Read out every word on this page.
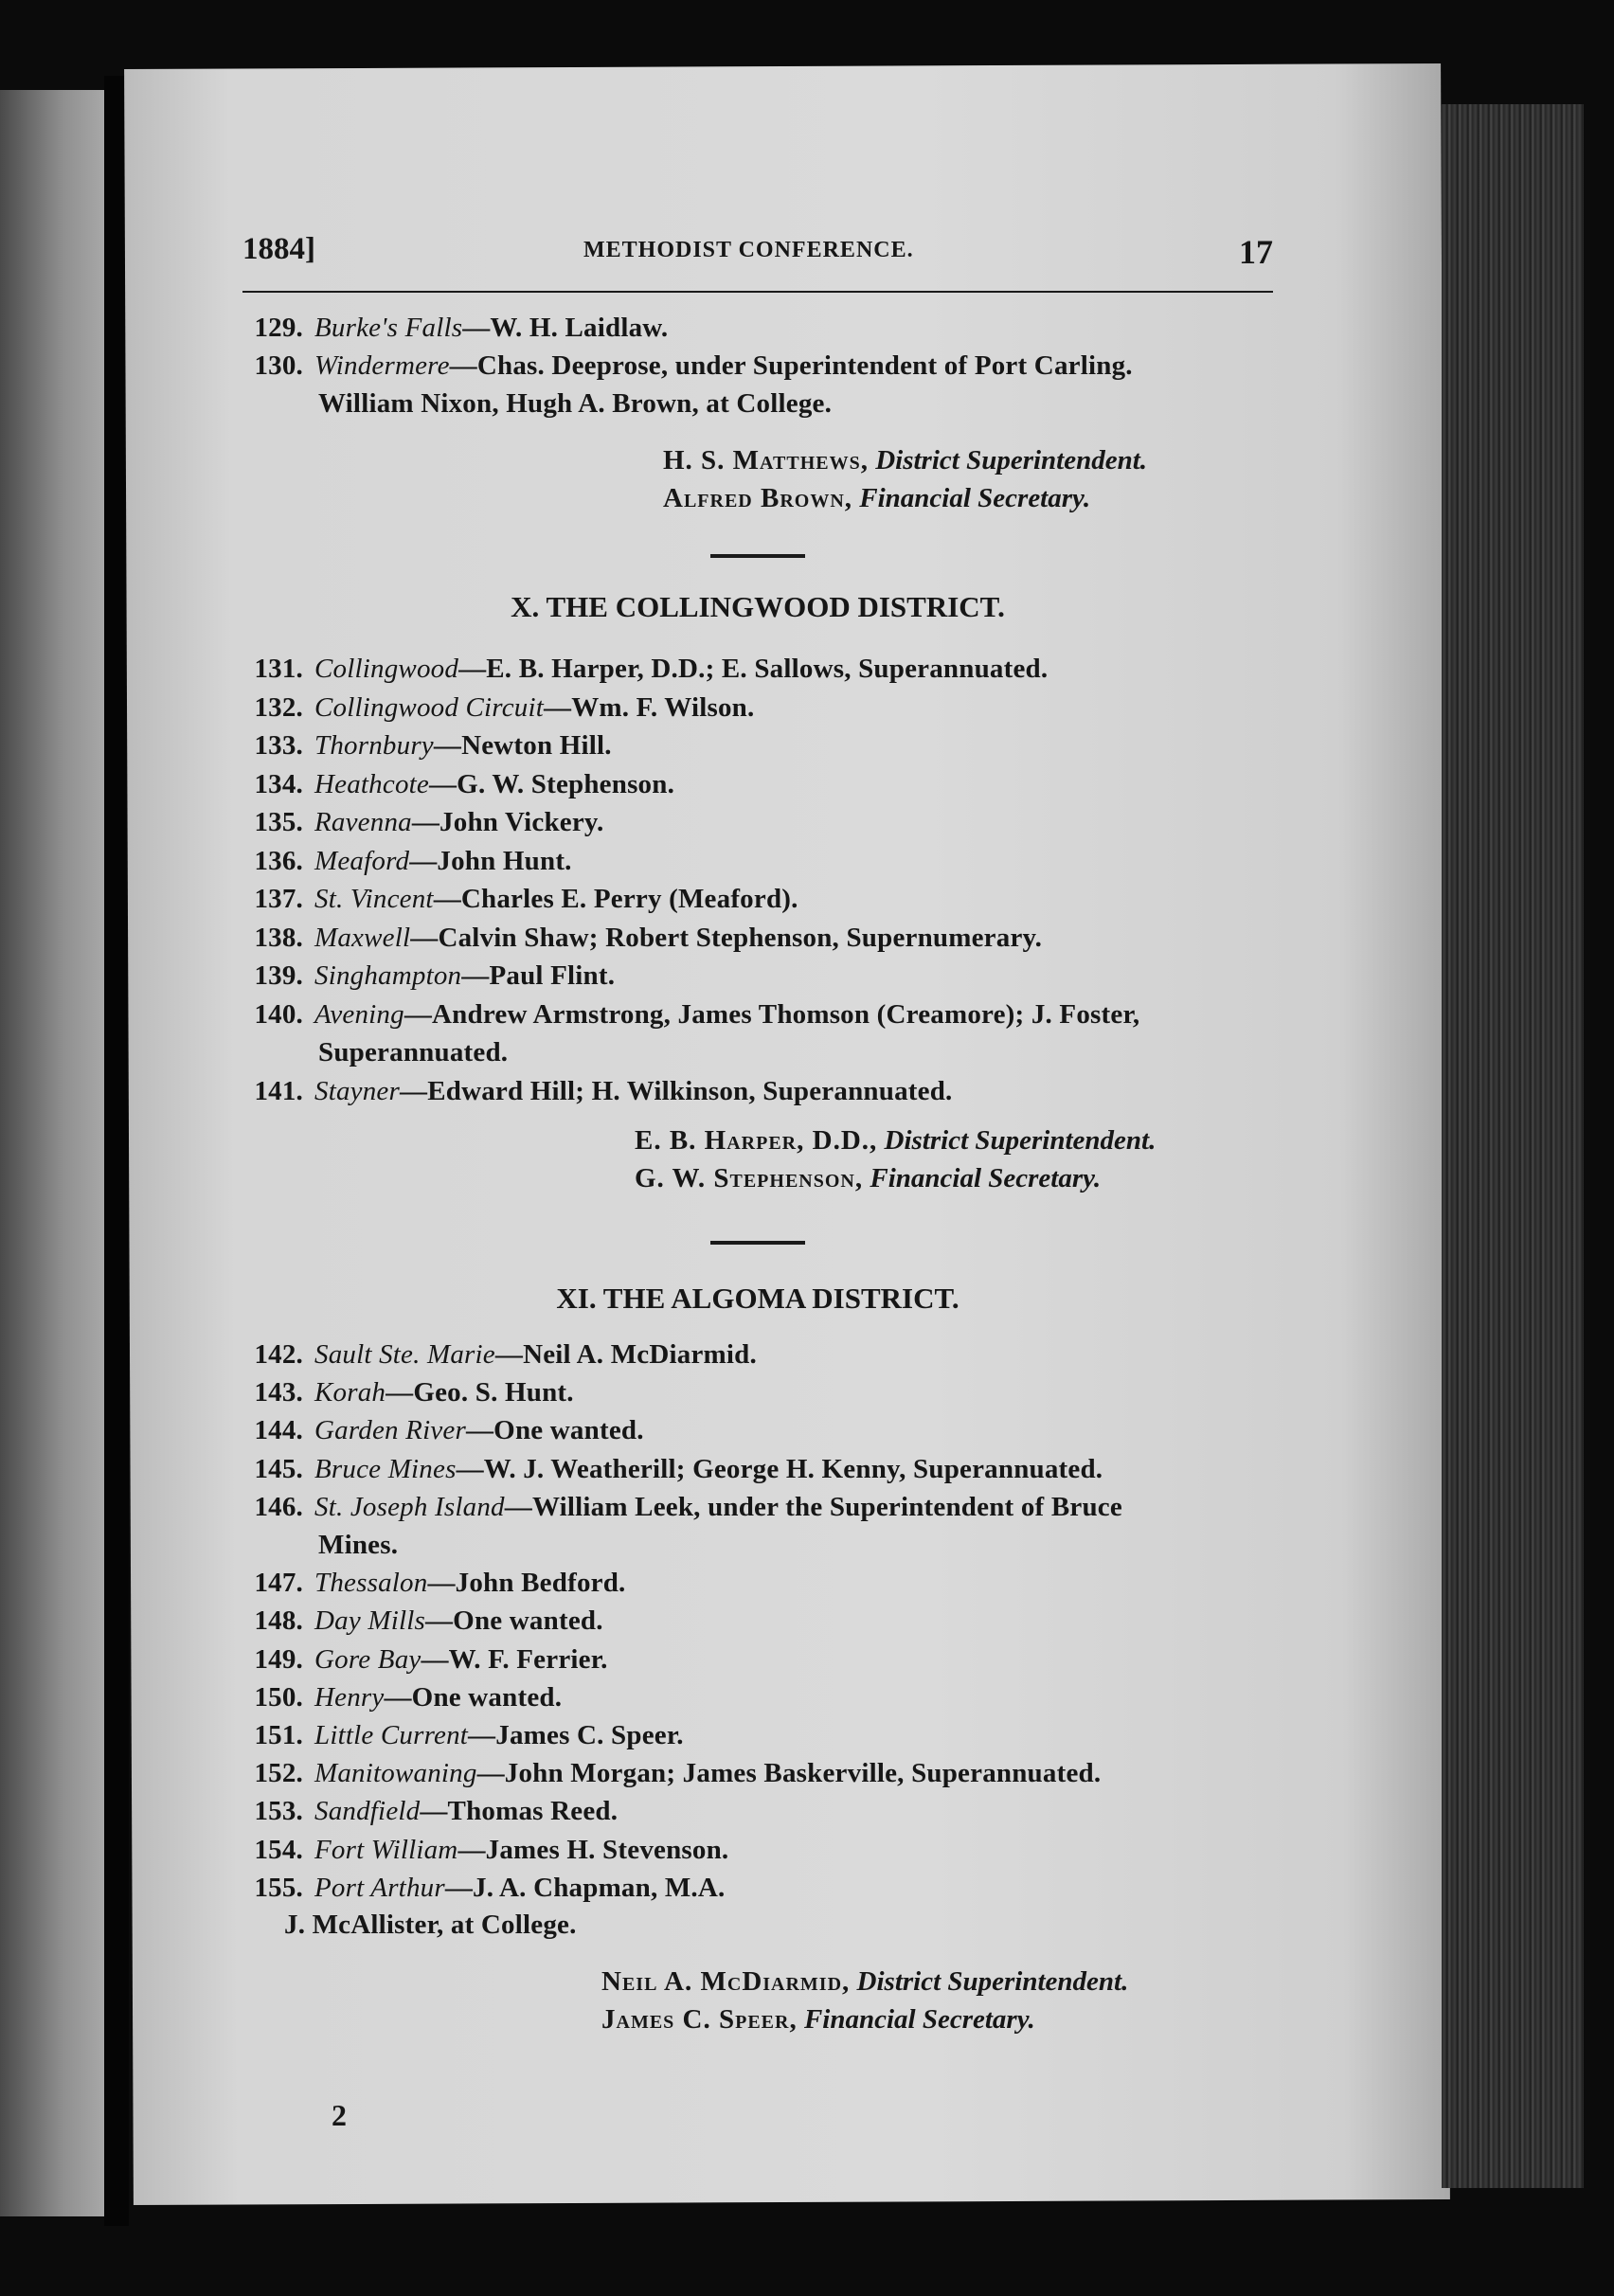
1884]	METHODIST CONFERENCE.	17
129. Burke's Falls—W. H. Laidlaw.
130. Windermere—Chas. Deeprose, under Superintendent of Port Carling.
William Nixon, Hugh A. Brown, at College.
H. S. Matthews, District Superintendent.
Alfred Brown, Financial Secretary.
X. THE COLLINGWOOD DISTRICT.
131. Collingwood—E. B. Harper, D.D.; E. Sallows, Superannuated.
132. Collingwood Circuit—Wm. F. Wilson.
133. Thornbury—Newton Hill.
134. Heathcote—G. W. Stephenson.
135. Ravenna—John Vickery.
136. Meaford—John Hunt.
137. St. Vincent—Charles E. Perry (Meaford).
138. Maxwell—Calvin Shaw; Robert Stephenson, Supernumerary.
139. Singhampton—Paul Flint.
140. Avening—Andrew Armstrong, James Thomson (Creamore); J. Foster,
Superannuated.
141. Stayner—Edward Hill; H. Wilkinson, Superannuated.
E. B. Harper, D.D., District Superintendent.
G. W. Stephenson, Financial Secretary.
XI. THE ALGOMA DISTRICT.
142. Sault Ste. Marie—Neil A. McDiarmid.
143. Korah—Geo. S. Hunt.
144. Garden River—One wanted.
145. Bruce Mines—W. J. Weatherill; George H. Kenny, Superannuated.
146. St. Joseph Island—William Leek, under the Superintendent of Bruce
Mines.
147. Thessalon—John Bedford.
148. Day Mills—One wanted.
149. Gore Bay—W. F. Ferrier.
150. Henry—One wanted.
151. Little Current—James C. Speer.
152. Manitowaning—John Morgan; James Baskerville, Superannuated.
153. Sandfield—Thomas Reed.
154. Fort William—James H. Stevenson.
155. Port Arthur—J. A. Chapman, M.A.
J. McAllister, at College.
Neil A. McDiarmid, District Superintendent.
James C. Speer, Financial Secretary.
2
